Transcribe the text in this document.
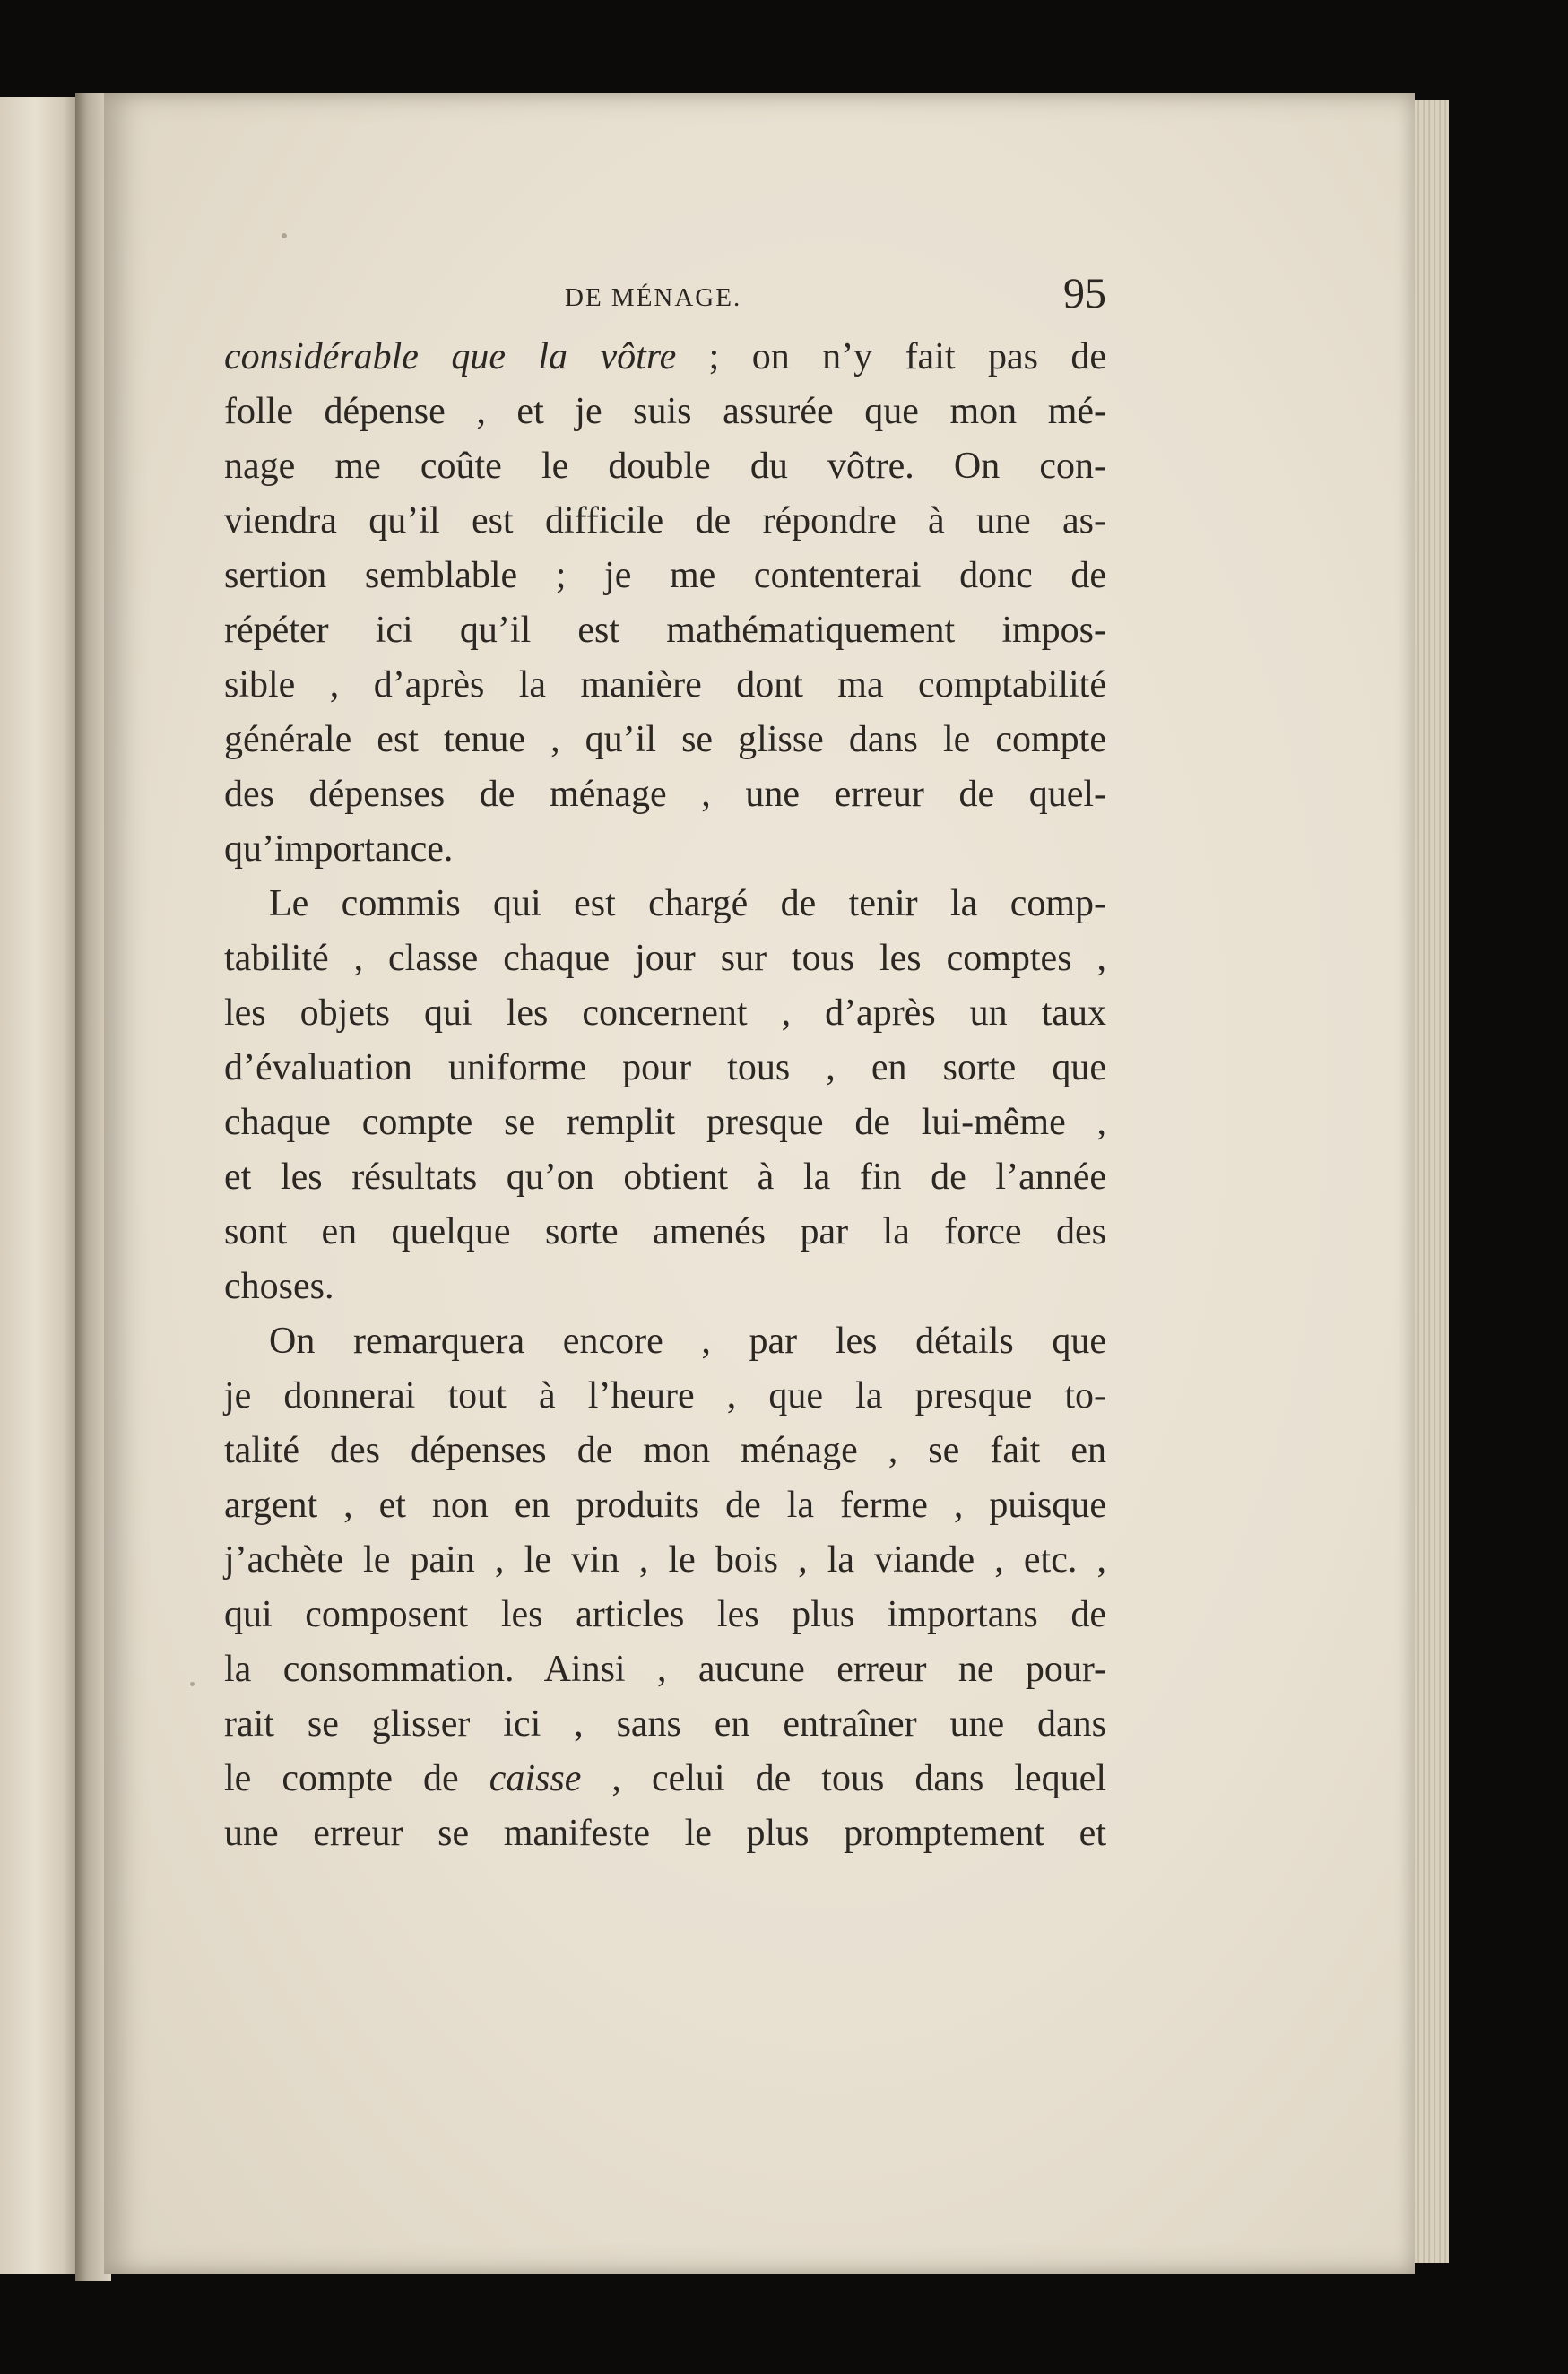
DE MÉNAGE.	95
considérable que la vôtre ; on n’y fait pas de
folle dépense , et je suis assurée que mon mé-
nage me coûte le double du vôtre. On con-
viendra qu’il est difficile de répondre à une as-
sertion semblable ; je me contenterai donc de
répéter ici qu’il est mathématiquement impos-
sible , d’après la manière dont ma comptabilité
générale est tenue , qu’il se glisse dans le compte
des dépenses de ménage , une erreur de quel-
qu’importance.
Le commis qui est chargé de tenir la comp-
tabilité , classe chaque jour sur tous les comptes ,
les objets qui les concernent , d’après un taux
d’évaluation uniforme pour tous , en sorte que
chaque compte se remplit presque de lui-même ,
et les résultats qu’on obtient à la fin de l’année
sont en quelque sorte amenés par la force des
choses.
On remarquera encore , par les détails que
je donnerai tout à l’heure , que la presque to-
talité des dépenses de mon ménage , se fait en
argent , et non en produits de la ferme , puisque
j’achète le pain , le vin , le bois , la viande , etc. ,
qui composent les articles les plus importans de
la consommation. Ainsi , aucune erreur ne pour-
rait se glisser ici , sans en entraîner une dans
le compte de caisse , celui de tous dans lequel
une erreur se manifeste le plus promptement et
